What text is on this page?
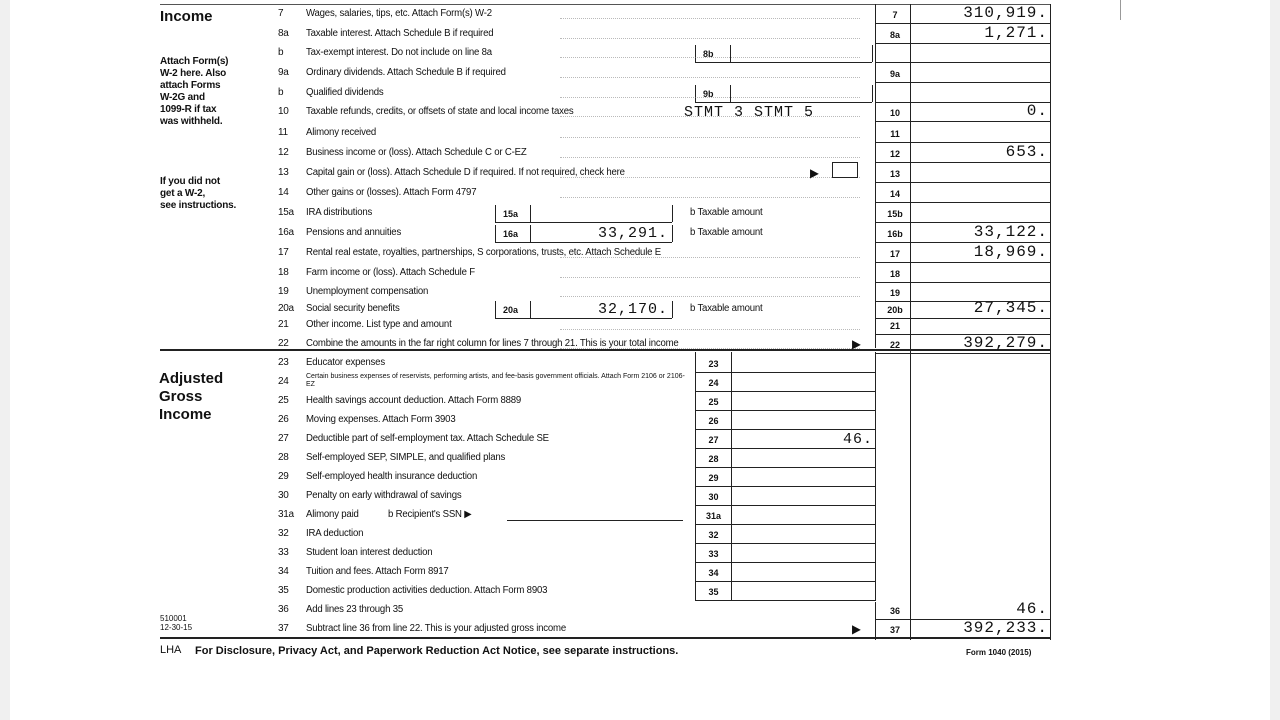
Income
Adjusted
Gross
Income
Attach Form(s)
W-2 here. Also
attach Forms
W-2G and
1099-R if tax
was withheld.
If you did not
get a W-2,
see instructions.
7 Wages, salaries, tips, etc. Attach Form(s) W-2	7	310,919.
8a Taxable interest. Attach Schedule B if required	8a	1,271.
b Tax-exempt interest. Do not include on line 8a	8b
9a Ordinary dividends. Attach Schedule B if required	9a
b Qualified dividends	9b
10 Taxable refunds, credits, or offsets of state and local income taxes	STMT 3 STMT 5	10	0.
11 Alimony received	11
12 Business income or (loss). Attach Schedule C or C-EZ	12	653.
13 Capital gain or (loss). Attach Schedule D if required. If not required, check here	▶	13
14 Other gains or (losses). Attach Form 4797	14
15a IRA distributions	15a	b Taxable amount	15b
16a Pensions and annuities	16a	33,291. b Taxable amount	16b	33,122.
17 Rental real estate, royalties, partnerships, S corporations, trusts, etc. Attach Schedule E	17	18,969.
18 Farm income or (loss). Attach Schedule F	18
19 Unemployment compensation	19
20a Social security benefits	20a	32,170. b Taxable amount	20b	27,345.
21 Other income. List type and amount	21
22 Combine the amounts in the far right column for lines 7 through 21. This is your total income	▶	22	392,279.
23 Educator expenses	23
24 Certain business expenses of reservists, performing artists, and fee-basis government officials. Attach Form 2106 or 2106-EZ	24
25 Health savings account deduction. Attach Form 8889	25
26 Moving expenses. Attach Form 3903	26
27 Deductible part of self-employment tax. Attach Schedule SE	27	46.
28 Self-employed SEP, SIMPLE, and qualified plans	28
29 Self-employed health insurance deduction	29
30 Penalty on early withdrawal of savings	30
31a Alimony paid	b Recipient's SSN ▶	31a
32 IRA deduction	32
33 Student loan interest deduction	33
34 Tuition and fees. Attach Form 8917	34
35 Domestic production activities deduction. Attach Form 8903	35
36 Add lines 23 through 35	36	46.
37 Subtract line 36 from line 22. This is your adjusted gross income	▶	37	392,233.
510001
12-30-15
LHA For Disclosure, Privacy Act, and Paperwork Reduction Act Notice, see separate instructions.	Form 1040 (2015)
